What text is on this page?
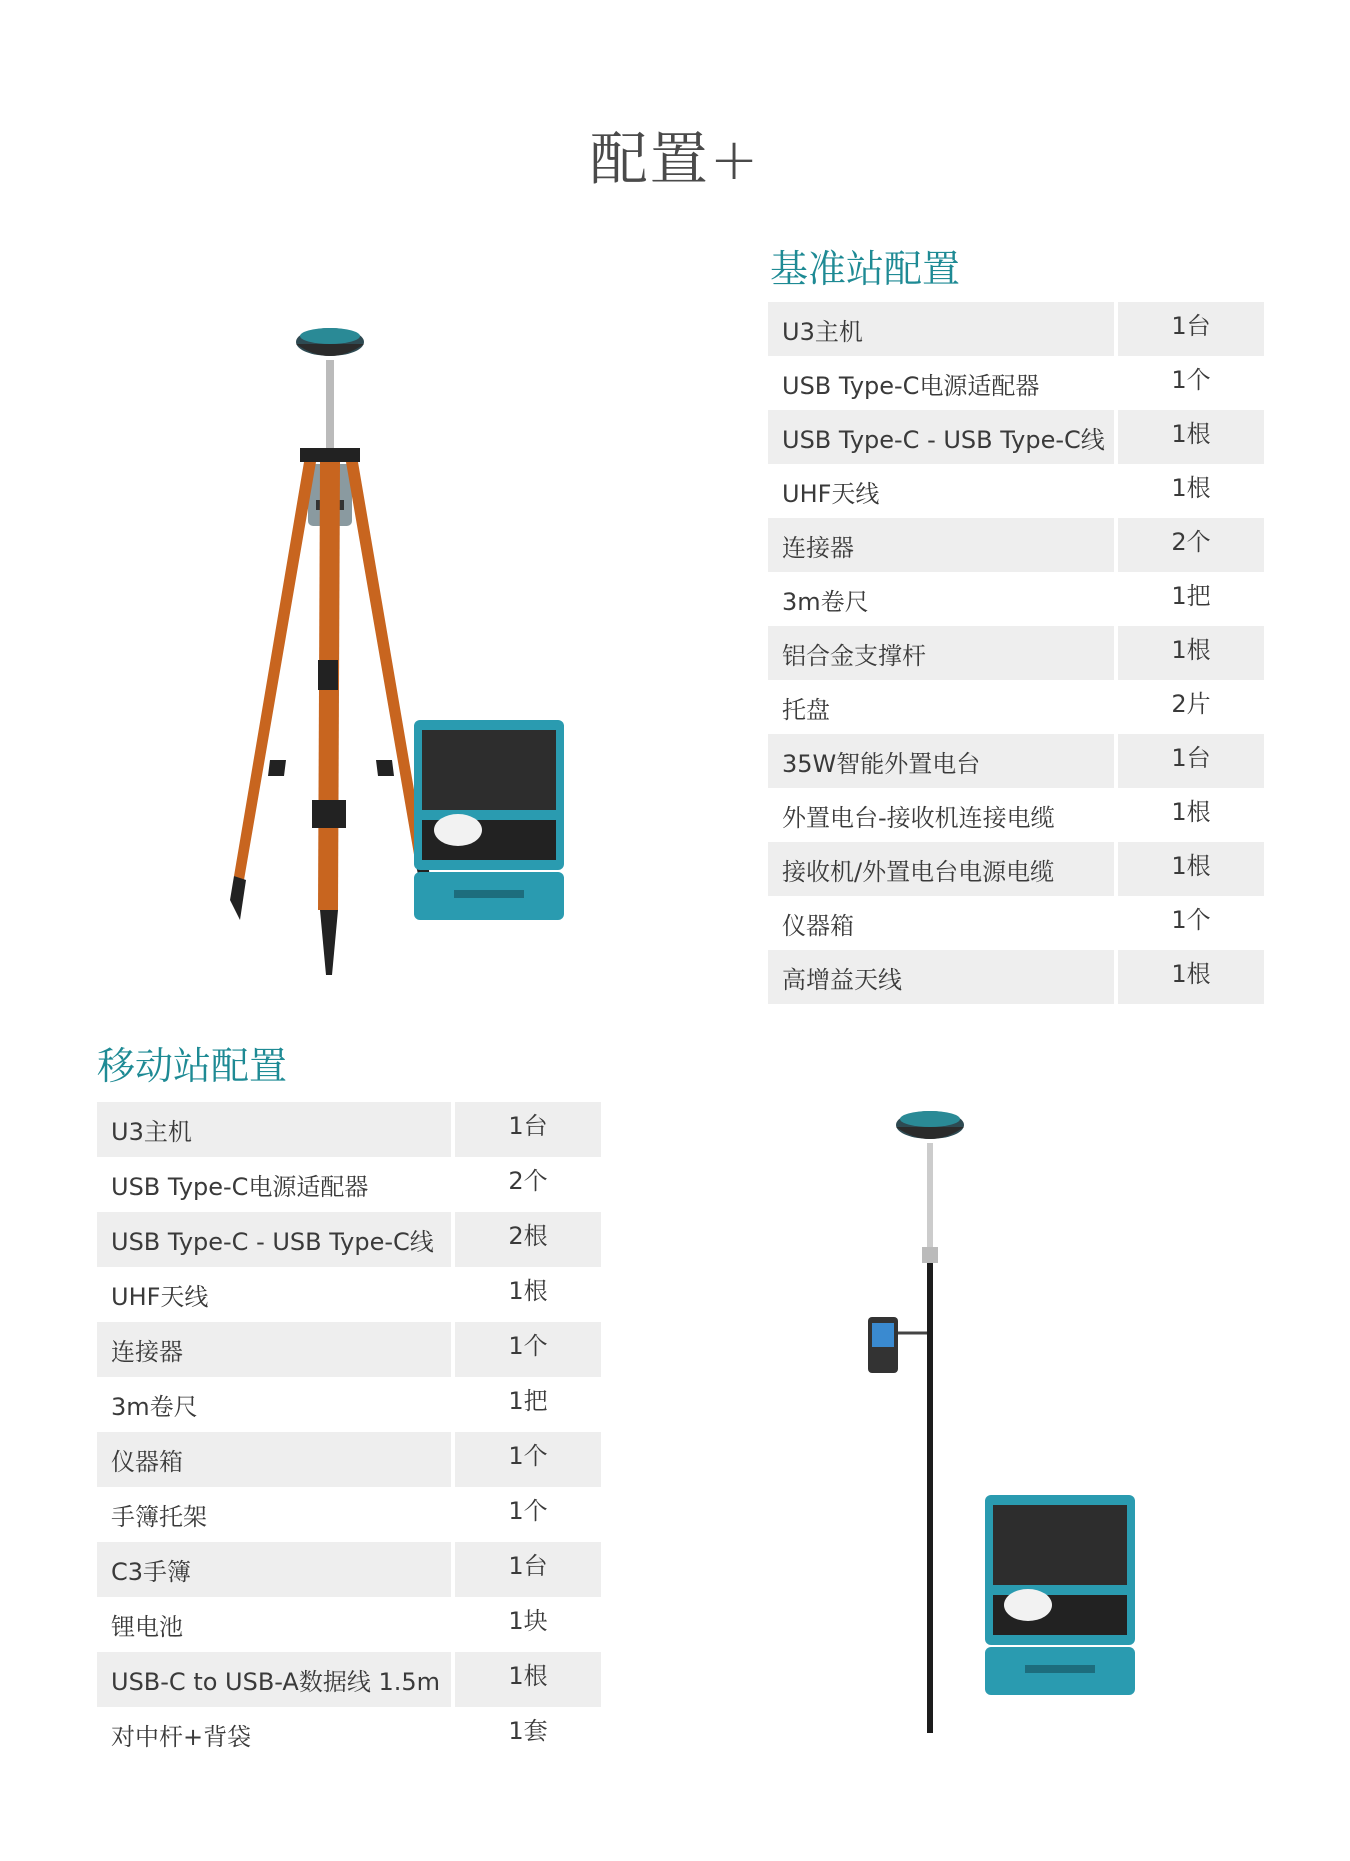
配置+
基准站配置
U3主机	1台
USB Type-C电源适配器	1个
USB Type-C - USB Type-C线	1根
UHF天线	1根
连接器	2个
3m卷尺	1把
铝合金支撑杆	1根
托盘	2片
35W智能外置电台	1台
外置电台-接收机连接电缆	1根
接收机/外置电台电源电缆	1根
仪器箱	1个
高增益天线	1根
移动站配置
U3主机	1台
USB Type-C电源适配器	2个
USB Type-C - USB Type-C线	2根
UHF天线	1根
连接器	1个
3m卷尺	1把
仪器箱	1个
手簿托架	1个
C3手簿	1台
锂电池	1块
USB-C to USB-A数据线 1.5m	1根
对中杆+背袋	1套
UFO
